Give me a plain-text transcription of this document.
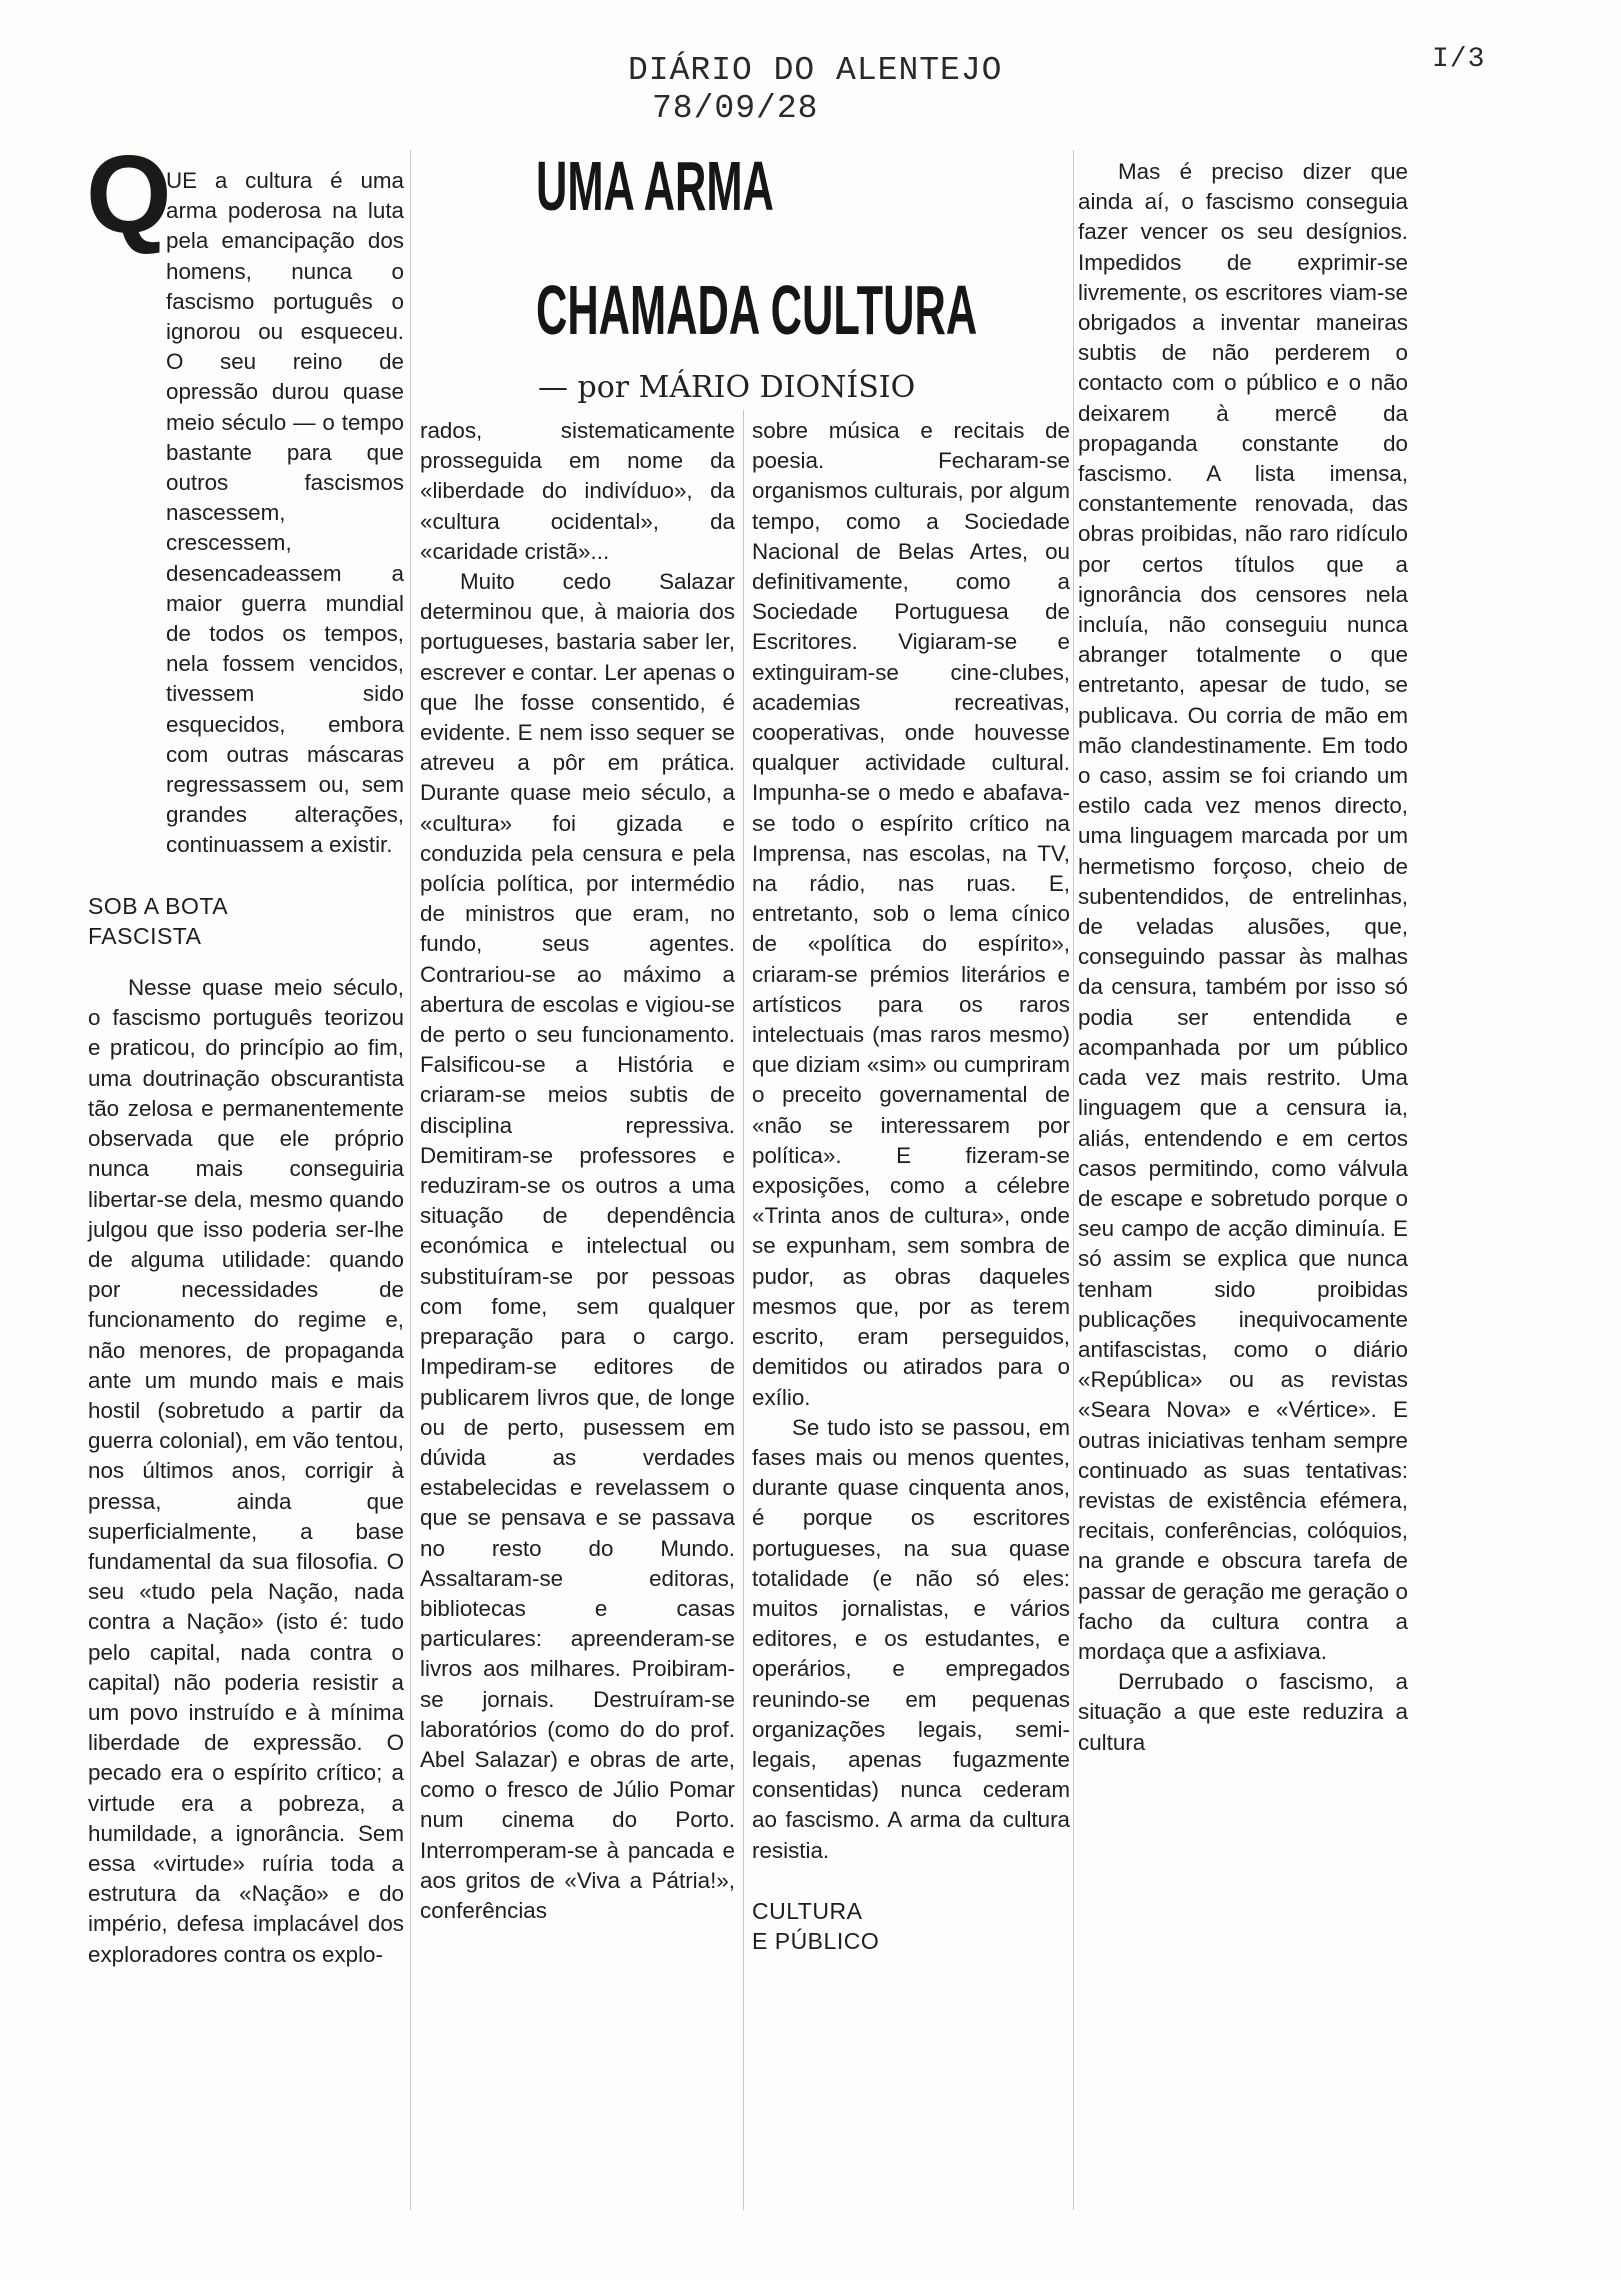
DIÁRIO DO ALENTEJO
78/09/28
I/3
UMA ARMA
CHAMADA CULTURA
— por MÁRIO DIONÍSIO
Q

UE a cultura é uma arma poderosa na luta pela emancipação dos homens, nunca o fascismo português o ignorou ou esqueceu. O seu reino de opressão durou quase meio século — o tempo bastante para que outros fascismos nascessem, crescessem, desencadeassem a maior guerra mundial de todos os tempos, nela fossem vencidos, tivessem sido esquecidos, embora com outras máscaras regressassem ou, sem grandes alterações, continuassem a existir.

SOB A BOTA
FASCISTA

Nesse quase meio século, o fascismo português teorizou e praticou, do princípio ao fim, uma doutrinação obscurantista tão zelosa e permanentemente observada que ele próprio nunca mais conseguiria libertar-se dela, mesmo quando julgou que isso poderia ser-lhe de alguma utilidade: quando por necessidades de funcionamento do regime e, não menores, de propaganda ante um mundo mais e mais hostil (sobretudo a partir da guerra colonial), em vão tentou, nos últimos anos, corrigir à pressa, ainda que superficialmente, a base fundamental da sua filosofia. O seu «tudo pela Nação, nada contra a Nação» (isto é: tudo pelo capital, nada contra o capital) não poderia resistir a um povo instruído e à mínima liberdade de expressão. O pecado era o espírito crítico; a virtude era a pobreza, a humildade, a ignorância. Sem essa «virtude» ruíria toda a estrutura da «Nação» e do império, defesa implacável dos exploradores contra os explo-

rados, sistematicamente prosseguida em nome da «liberdade do indivíduo», da «cultura ocidental», da «caridade cristã»...

Muito cedo Salazar determinou que, à maioria dos portugueses, bastaria saber ler, escrever e contar. Ler apenas o que lhe fosse consentido, é evidente. E nem isso sequer se atreveu a pôr em prática. Durante quase meio século, a «cultura» foi gizada e conduzida pela censura e pela polícia política, por intermédio de ministros que eram, no fundo, seus agentes. Contrariou-se ao máximo a abertura de escolas e vigiou-se de perto o seu funcionamento. Falsificou-se a História e criaram-se meios subtis de disciplina repressiva. Demitiram-se professores e reduziram-se os outros a uma situação de dependência económica e intelectual ou substituíram-se por pessoas com fome, sem qualquer preparação para o cargo. Impediram-se editores de publicarem livros que, de longe ou de perto, pusessem em dúvida as verdades estabelecidas e revelassem o que se pensava e se passava no resto do Mundo. Assaltaram-se editoras, bibliotecas e casas particulares: apreenderam-se livros aos milhares. Proibiram-se jornais. Destruíram-se laboratórios (como do do prof. Abel Salazar) e obras de arte, como o fresco de Júlio Pomar num cinema do Porto. Interromperam-se à pancada e aos gritos de «Viva a Pátria!», conferências

sobre música e recitais de poesia. Fecharam-se organismos culturais, por algum tempo, como a Sociedade Nacional de Belas Artes, ou definitivamente, como a Sociedade Portuguesa de Escritores. Vigiaram-se e extinguiram-se cine-clubes, academias recreativas, cooperativas, onde houvesse qualquer actividade cultural. Impunha-se o medo e abafava-se todo o espírito crítico na Imprensa, nas escolas, na TV, na rádio, nas ruas. E, entretanto, sob o lema cínico de «política do espírito», criaram-se prémios literários e artísticos para os raros intelectuais (mas raros mesmo) que diziam «sim» ou cumpriram o preceito governamental de «não se interessarem por política». E fizeram-se exposições, como a célebre «Trinta anos de cultura», onde se expunham, sem sombra de pudor, as obras daqueles mesmos que, por as terem escrito, eram perseguidos, demitidos ou atirados para o exílio.

Se tudo isto se passou, em fases mais ou menos quentes, durante quase cinquenta anos, é porque os escritores portugueses, na sua quase totalidade (e não só eles: muitos jornalistas, e vários editores, e os estudantes, e operários, e empregados reunindo-se em pequenas organizações legais, semi-legais, apenas fugazmente consentidas) nunca cederam ao fascismo. A arma da cultura resistia.

CULTURA
E PÚBLICO

Mas é preciso dizer que ainda aí, o fascismo conseguia fazer vencer os seu desígnios. Impedidos de exprimir-se livremente, os escritores viam-se obrigados a inventar maneiras subtis de não perderem o contacto com o público e o não deixarem à mercê da propaganda constante do fascismo. A lista imensa, constantemente renovada, das obras proibidas, não raro ridículo por certos títulos que a ignorância dos censores nela incluía, não conseguiu nunca abranger totalmente o que entretanto, apesar de tudo, se publicava. Ou corria de mão em mão clandestinamente. Em todo o caso, assim se foi criando um estilo cada vez menos directo, uma linguagem marcada por um hermetismo forçoso, cheio de subentendidos, de entrelinhas, de veladas alusões, que, conseguindo passar às malhas da censura, também por isso só podia ser entendida e acompanhada por um público cada vez mais restrito. Uma linguagem que a censura ia, aliás, entendendo e em certos casos permitindo, como válvula de escape e sobretudo porque o seu campo de acção diminuía. E só assim se explica que nunca tenham sido proibidas publicações inequivocamente antifascistas, como o diário «República» ou as revistas «Seara Nova» e «Vértice». E outras iniciativas tenham sempre continuado as suas tentativas: revistas de existência efémera, recitais, conferências, colóquios, na grande e obscura tarefa de passar de geração me geração o facho da cultura contra a mordaça que a asfixiava.

Derrubado o fascismo, a situação a que este reduzira a cultura
